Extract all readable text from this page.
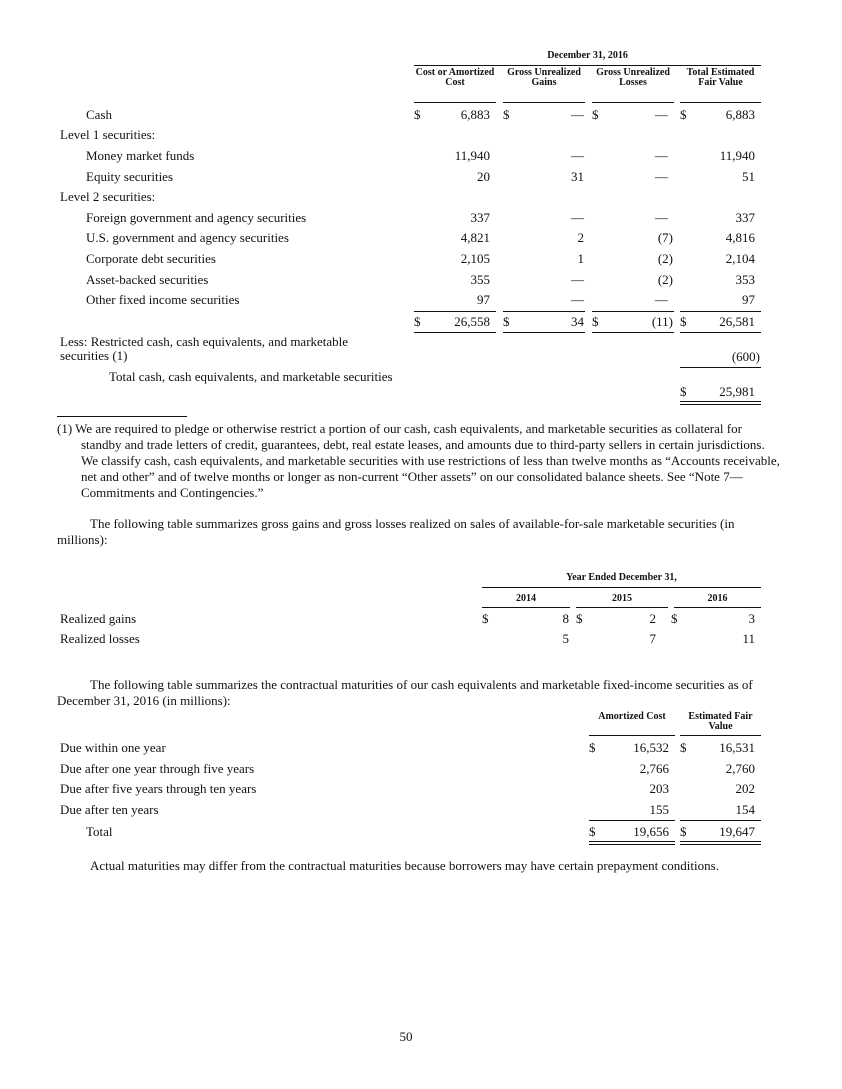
December 31, 2016
Cost or Amortized Cost
Gross Unrealized Gains
Gross Unrealized Losses
Total Estimated Fair Value
Cash	$	6,883 $	— $	— $	6,883
Level 1 securities:
Money market funds	11,940	—	—	11,940
Equity securities	20	31	—	51
Level 2 securities:
Foreign government and agency securities	337	—	—	337
U.S. government and agency securities	4,821	2	(7)	4,816
Corporate debt securities	2,105	1	(2)	2,104
Asset-backed securities	355	—	(2)	353
Other fixed income securities	97	—	—	97
$	26,558 $	34 $	(11) $	26,581
Less: Restricted cash, cash equivalents, and marketable securities (1)	(600)
Total cash, cash equivalents, and marketable securities
$	25,981
(1) We are required to pledge or otherwise restrict a portion of our cash, cash equivalents, and marketable securities as collateral for standby and trade letters of credit, guarantees, debt, real estate leases, and amounts due to third-party sellers in certain jurisdictions. We classify cash, cash equivalents, and marketable securities with use restrictions of less than twelve months as “Accounts receivable, net and other” and of twelve months or longer as non-current “Other assets” on our consolidated balance sheets. See “Note 7—Commitments and Contingencies.”
The following table summarizes gross gains and gross losses realized on sales of available-for-sale marketable securities (in millions):
Year Ended December 31,
2014	2015	2016
Realized gains	$	8 $	2 $	3
Realized losses	5	7	11
The following table summarizes the contractual maturities of our cash equivalents and marketable fixed-income securities as of December 31, 2016 (in millions):
Amortized Cost	Estimated Fair Value
Due within one year	$	16,532 $	16,531
Due after one year through five years	2,766	2,760
Due after five years through ten years	203	202
Due after ten years	155	154
Total	$	19,656 $	19,647
Actual maturities may differ from the contractual maturities because borrowers may have certain prepayment conditions.
50
